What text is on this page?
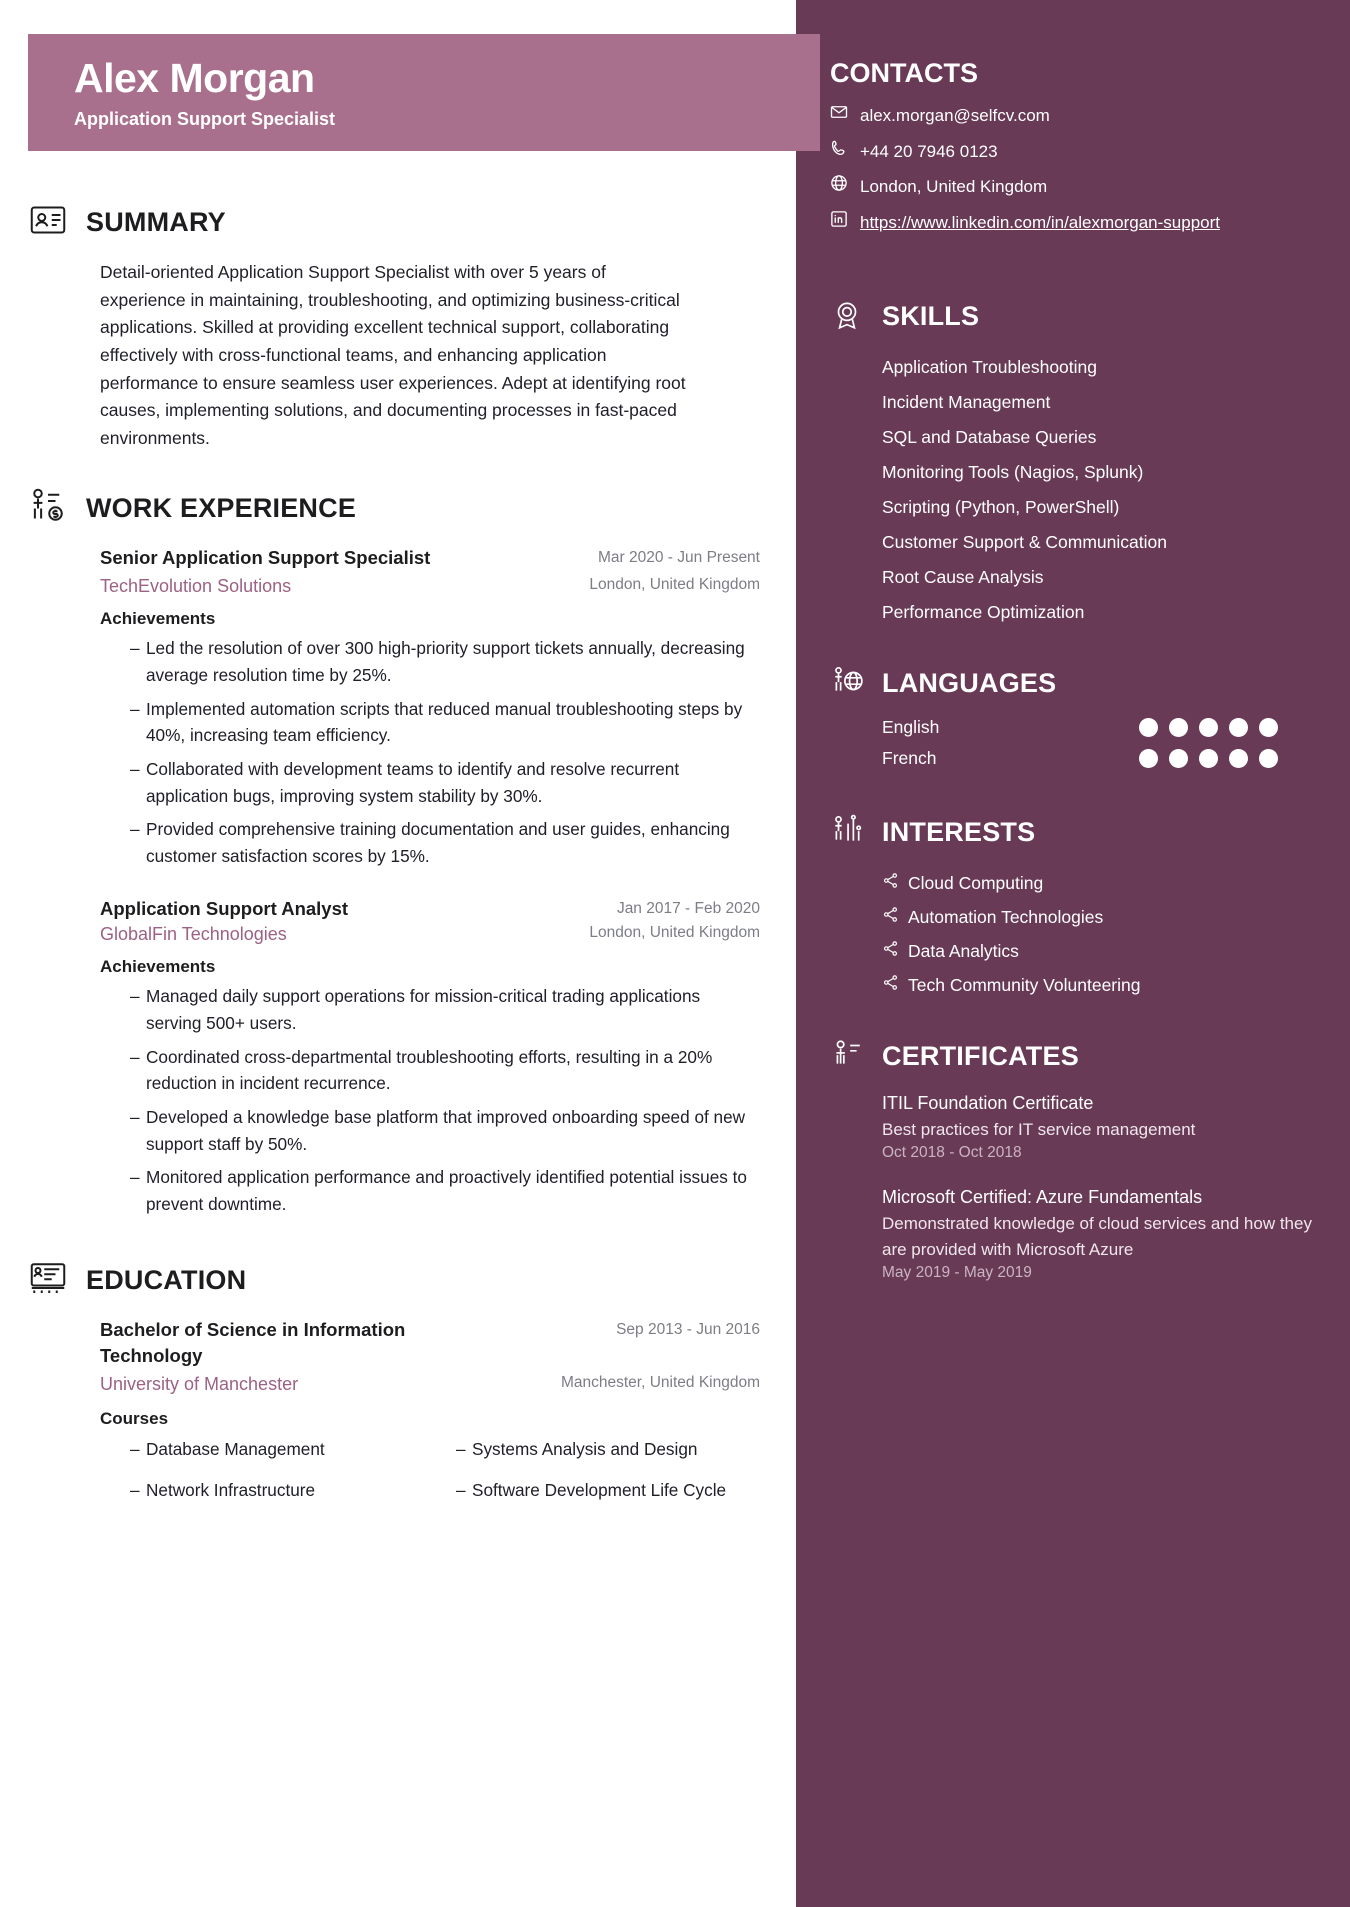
CONTACTS
alex.morgan@selfcv.com
+44 20 7946 0123
London, United Kingdom
https://www.linkedin.com/in/alexmorgan-support
SKILLS
Application Troubleshooting
Incident Management
SQL and Database Queries
Monitoring Tools (Nagios, Splunk)
Scripting (Python, PowerShell)
Customer Support & Communication
Root Cause Analysis
Performance Optimization
LANGUAGES
English
French
INTERESTS
Cloud Computing
Automation Technologies
Data Analytics
Tech Community Volunteering
CERTIFICATES
ITIL Foundation Certificate
Best practices for IT service management
Oct 2018 - Oct 2018
Microsoft Certified: Azure Fundamentals
Demonstrated knowledge of cloud services and how they are provided with Microsoft Azure
May 2019 - May 2019
Alex Morgan
Application Support Specialist
SUMMARY
Detail-oriented Application Support Specialist with over 5 years of experience in maintaining, troubleshooting, and optimizing business-critical applications. Skilled at providing excellent technical support, collaborating effectively with cross-functional teams, and enhancing application performance to ensure seamless user experiences. Adept at identifying root causes, implementing solutions, and documenting processes in fast-paced environments.
WORK EXPERIENCE
Senior Application Support Specialist	Mar 2020 - Jun Present
TechEvolution Solutions	London, United Kingdom
Achievements
– Led the resolution of over 300 high-priority support tickets annually, decreasing average resolution time by 25%.
– Implemented automation scripts that reduced manual troubleshooting steps by 40%, increasing team efficiency.
– Collaborated with development teams to identify and resolve recurrent application bugs, improving system stability by 30%.
– Provided comprehensive training documentation and user guides, enhancing customer satisfaction scores by 15%.
Application Support Analyst	Jan 2017 - Feb 2020
GlobalFin Technologies	London, United Kingdom
Achievements
– Managed daily support operations for mission-critical trading applications serving 500+ users.
– Coordinated cross-departmental troubleshooting efforts, resulting in a 20% reduction in incident recurrence.
– Developed a knowledge base platform that improved onboarding speed of new support staff by 50%.
– Monitored application performance and proactively identified potential issues to prevent downtime.
EDUCATION
Bachelor of Science in Information Technology
Sep 2013 - Jun 2016
University of Manchester	Manchester, United Kingdom
Courses
– Database Management	– Systems Analysis and Design
– Network Infrastructure	– Software Development Life Cycle
